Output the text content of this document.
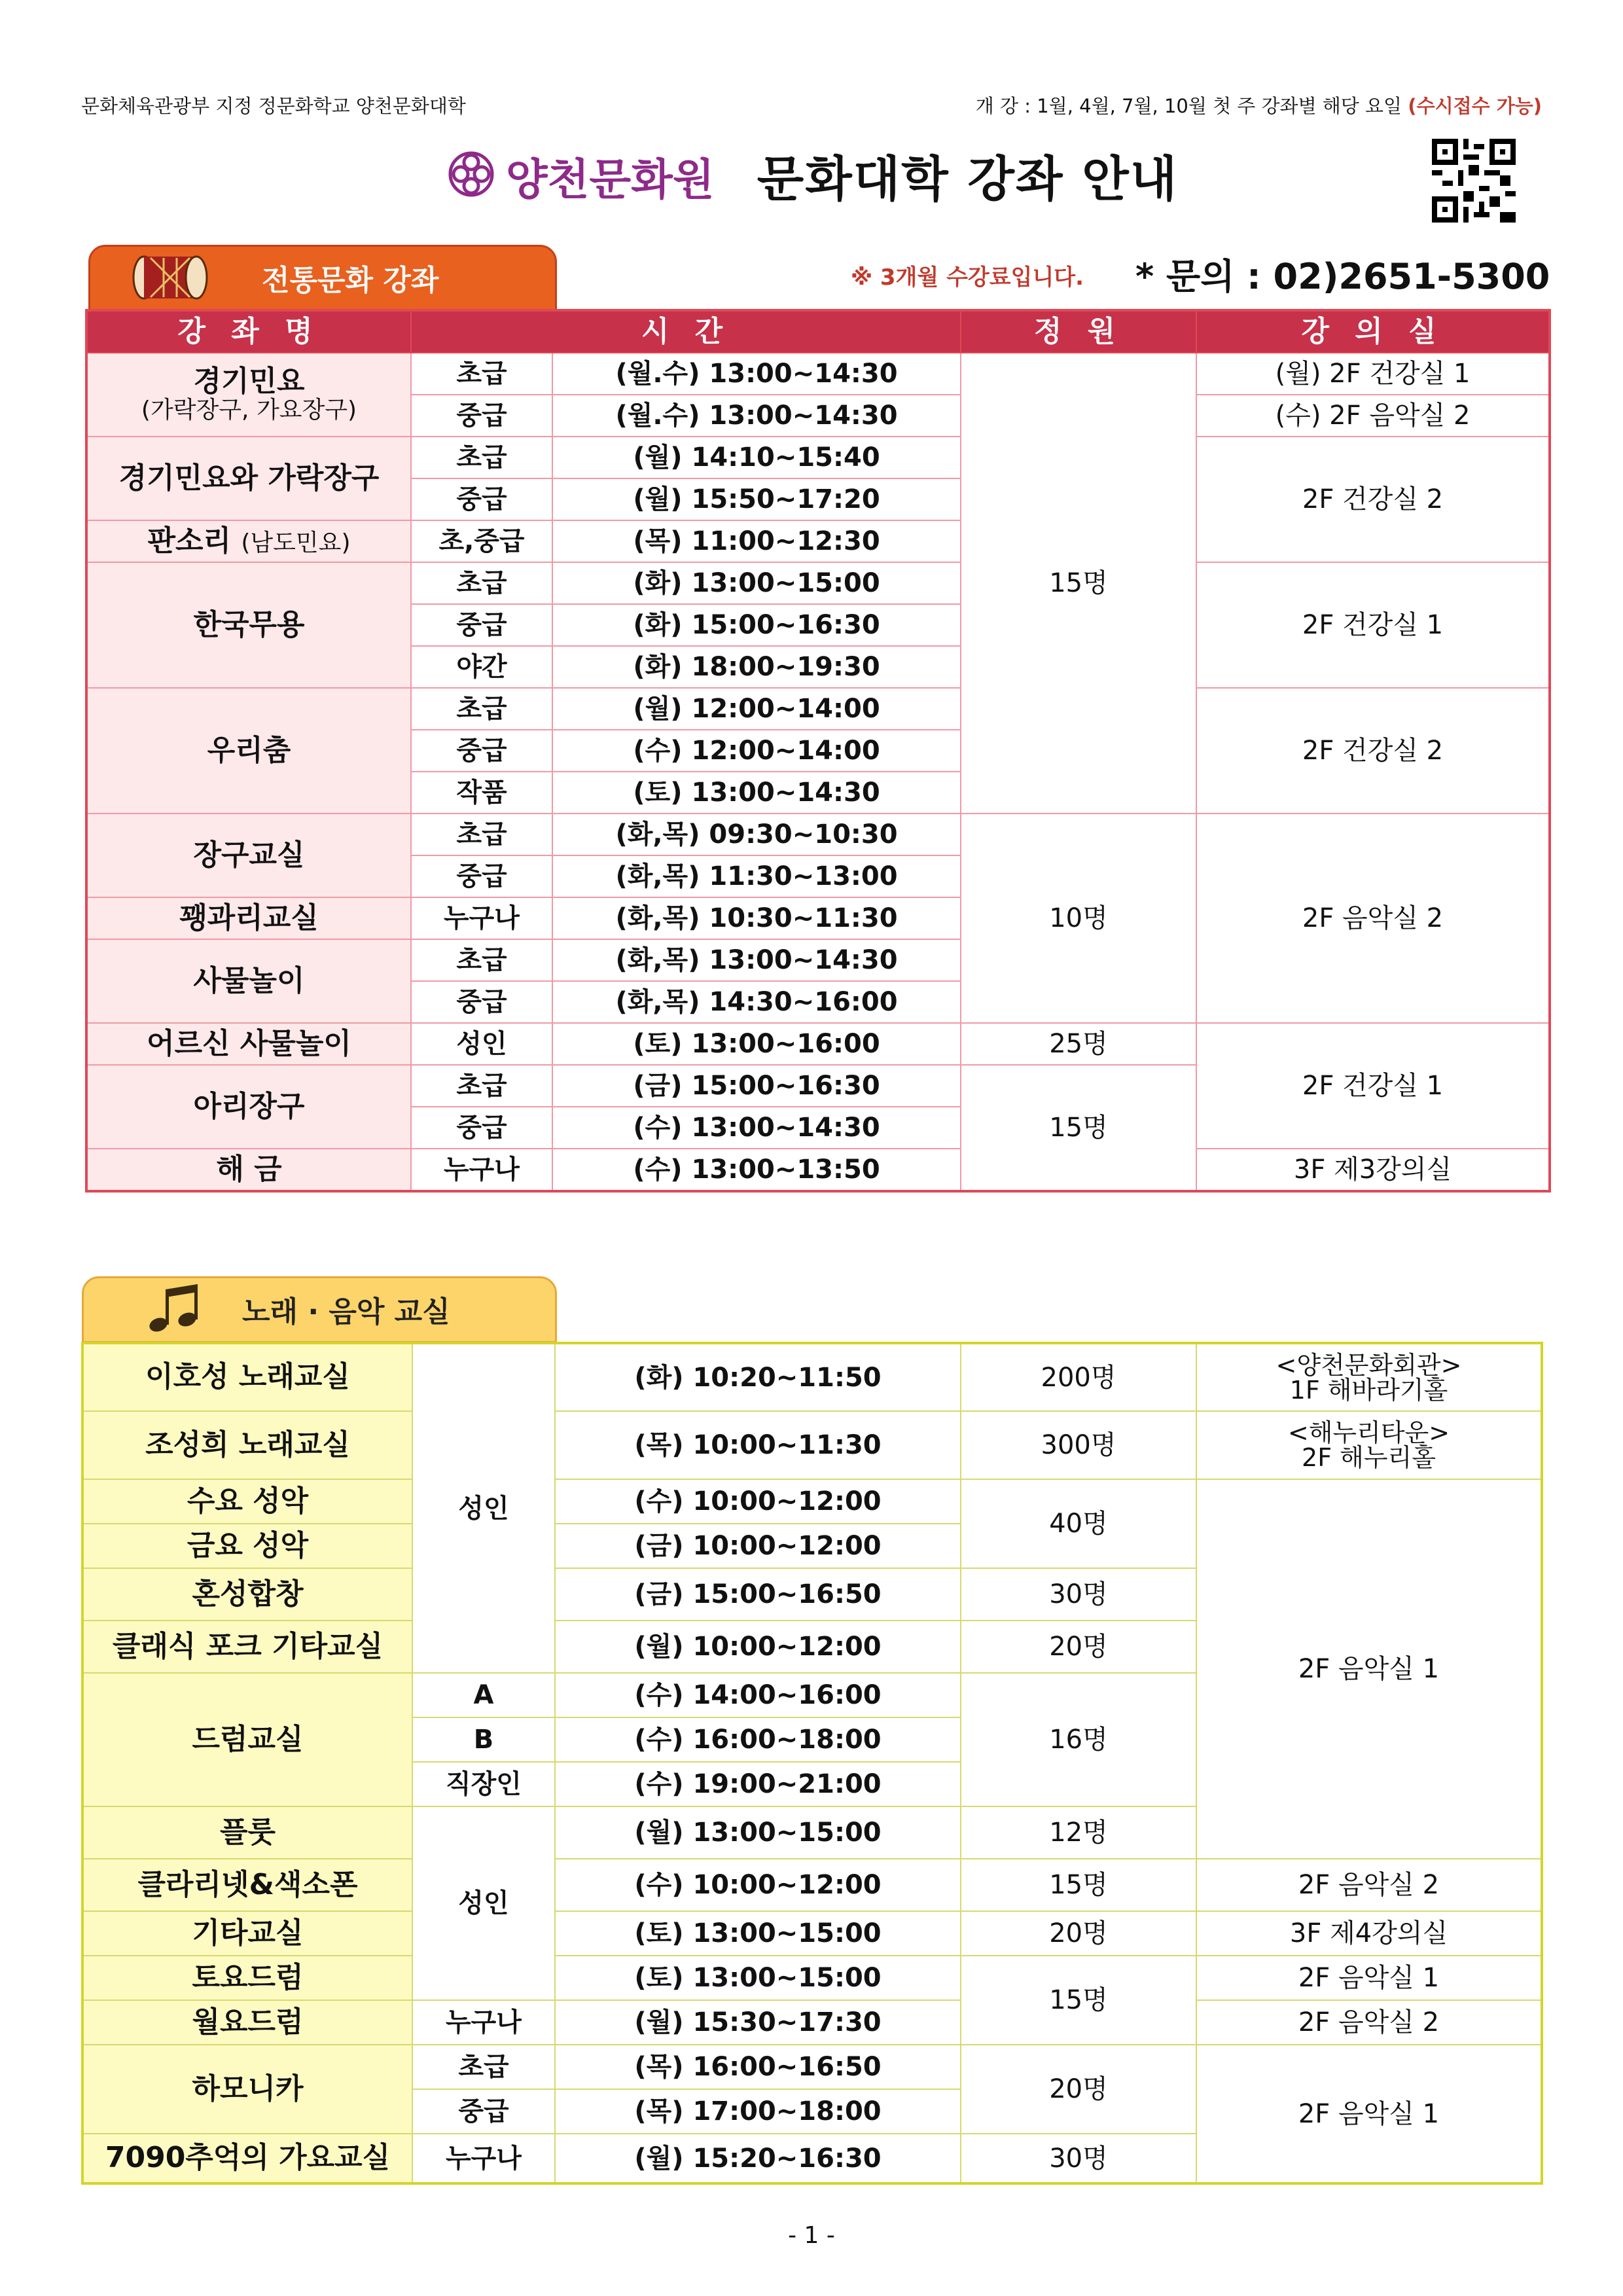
문화체육관광부 지정 정문화학교 양천문화대학	개 강 : 1월, 4월, 7월, 10월 첫 주 강좌별 해당 요일 (수시접수 가능)
양천문화원 문화대학 강좌 안내
전통문화 강좌	※ 3개월 수강료입니다. * 문의 : 02)2651-5300
강 좌 명	시 간		정 원	강 의 실

경기민요
(가락장구, 가요장구)	초급	(월.수) 13:00~14:30	15명	(월) 2F 건강실 1
	중급	(월.수) 13:00~14:30		(수) 2F 음악실 2
경기민요와 가락장구	초급	(월) 14:10~15:40		2F 건강실 2
	중급	(월) 15:50~17:20		
판소리 (남도민요)	초,중급	(목) 11:00~12:30		
한국무용	초급	(화) 13:00~15:00		2F 건강실 1
	중급	(화) 15:00~16:30		
	야간	(화) 18:00~19:30		
우리춤	초급	(월) 12:00~14:00		2F 건강실 2
	중급	(수) 12:00~14:00		
	작품	(토) 13:00~14:30		
장구교실	초급	(화,목) 09:30~10:30	10명	2F 음악실 2
	중급	(화,목) 11:30~13:00		
꽹과리교실	누구나	(화,목) 10:30~11:30		
사물놀이	초급	(화,목) 13:00~14:30		
	중급	(화,목) 14:30~16:00		
어르신 사물놀이	성인	(토) 13:00~16:00	25명	2F 건강실 1
아리장구	초급	(금) 15:00~16:30	15명	
	중급	(수) 13:00~14:30		
해 금	누구나	(수) 13:00~13:50		3F 제3강의실
노래 · 음악 교실
이호성 노래교실	성인	(화) 10:20~11:50	200명	<양천문화회관>
1F 해바라기홀

조성희 노래교실		(목) 10:00~11:30	300명	<해누리타운>
2F 해누리홀

수요 성악		(수) 10:00~12:00	40명	2F 음악실 1
금요 성악		(금) 10:00~12:00		
혼성합창		(금) 15:00~16:50	30명	
클래식 포크 기타교실		(월) 10:00~12:00	20명	
드럼교실	A	(수) 14:00~16:00	16명	
	B	(수) 16:00~18:00		
	직장인	(수) 19:00~21:00		
플룻	성인	(월) 13:00~15:00	12명	
클라리넷&색소폰		(수) 10:00~12:00	15명	2F 음악실 2
기타교실		(토) 13:00~15:00	20명	3F 제4강의실
토요드럼		(토) 13:00~15:00	15명	2F 음악실 1
월요드럼	누구나	(월) 15:30~17:30		2F 음악실 2
하모니카	초급	(목) 16:00~16:50	20명	2F 음악실 1
	중급	(목) 17:00~18:00		
7090추억의 가요교실	누구나	(월) 15:20~16:30	30명	
- 1 -
